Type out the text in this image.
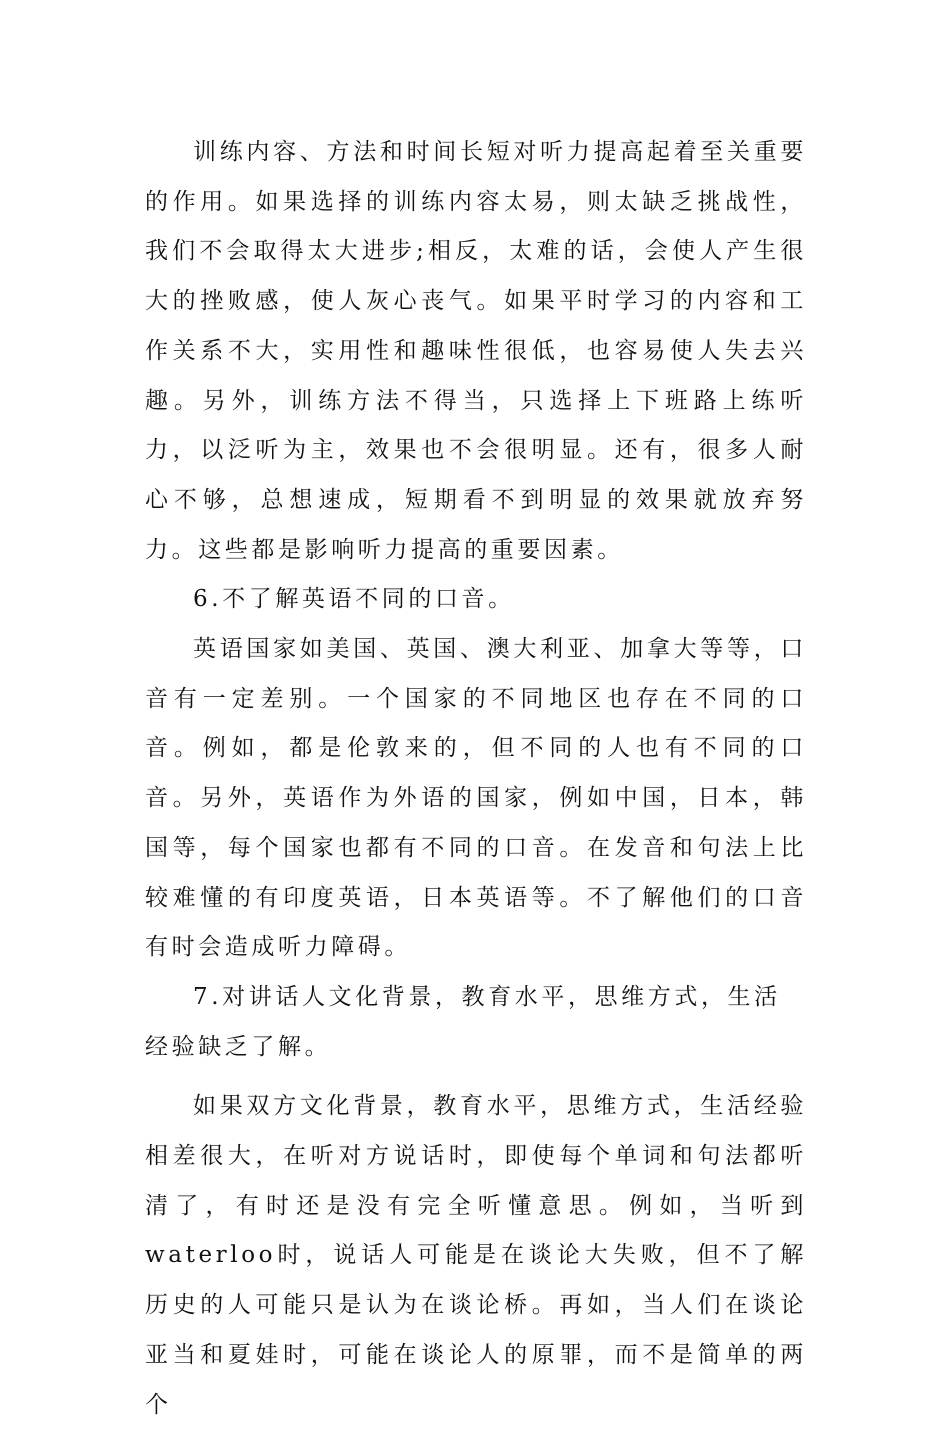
训练内容、方法和时间长短对听力提高起着至关重要的作用。如果选择的训练内容太易，则太缺乏挑战性，我们不会取得太大进步;相反，太难的话，会使人产生很大的挫败感，使人灰心丧气。如果平时学习的内容和工作关系不大，实用性和趣味性很低，也容易使人失去兴趣。另外，训练方法不得当，只选择上下班路上练听力，以泛听为主，效果也不会很明显。还有，很多人耐心不够，总想速成，短期看不到明显的效果就放弃努力。这些都是影响听力提高的重要因素。

6.不了解英语不同的口音。

英语国家如美国、英国、澳大利亚、加拿大等等，口音有一定差别。一个国家的不同地区也存在不同的口音。例如，都是伦敦来的，但不同的人也有不同的口音。另外，英语作为外语的国家，例如中国，日本，韩国等，每个国家也都有不同的口音。在发音和句法上比较难懂的有印度英语，日本英语等。不了解他们的口音有时会造成听力障碍。

7.对讲话人文化背景，教育水平，思维方式，生活经验缺乏了解。

如果双方文化背景，教育水平，思维方式，生活经验相差很大，在听对方说话时，即使每个单词和句法都听清了，有时还是没有完全听懂意思。例如，当听到waterloo时，说话人可能是在谈论大失败，但不了解历史的人可能只是认为在谈论桥。再如，当人们在谈论亚当和夏娃时，可能在谈论人的原罪，而不是简单的两个
